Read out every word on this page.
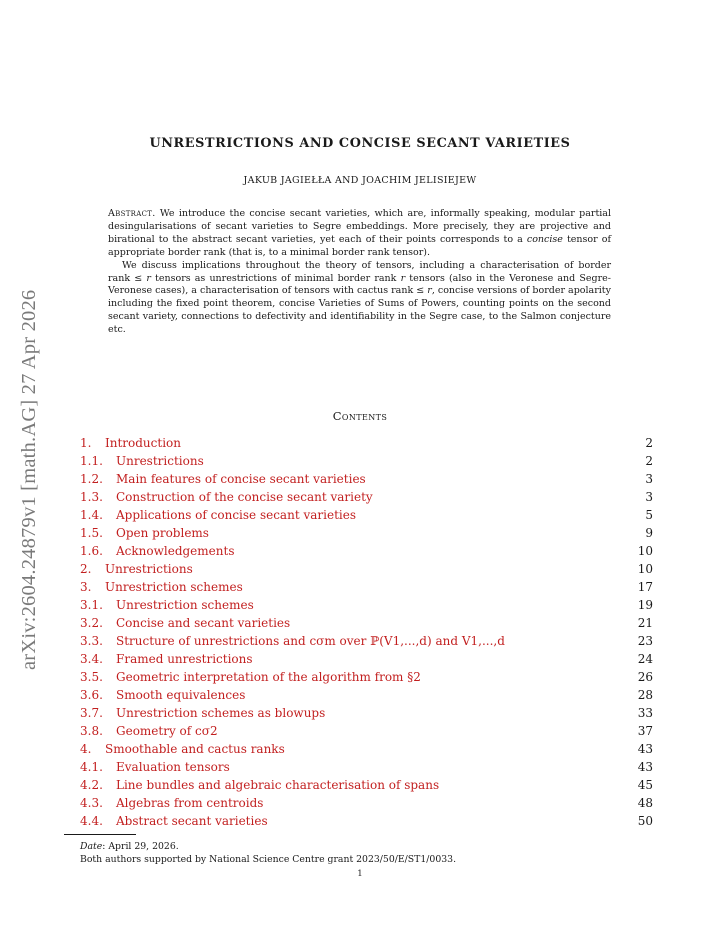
arXiv:2604.24879v1 [math.AG] 27 Apr 2026
UNRESTRICTIONS AND CONCISE SECANT VARIETIES
JAKUB JAGIEŁŁA AND JOACHIM JELISIEJEW

Abstract. We introduce the concise secant varieties, which are, informally speaking, modular partial desingularisations of secant varieties to Segre embeddings. More precisely, they are projective and birational to the abstract secant varieties, yet each of their points corresponds to a concise tensor of appropriate border rank (that is, to a minimal border rank tensor).

We discuss implications throughout the theory of tensors, including a characterisation of border rank ≤ r tensors as unrestrictions of minimal border rank r tensors (also in the Veronese and Segre-Veronese cases), a characterisation of tensors with cactus rank ≤ r, concise versions of border apolarity including the fixed point theorem, concise Varieties of Sums of Powers, counting points on the second secant variety, connections to defectivity and identifiability in the Segre case, to the Salmon conjecture etc.

Contents
1. Introduction	2
1.1. Unrestrictions	2
1.2. Main features of concise secant varieties	3
1.3. Construction of the concise secant variety	3
1.4. Applications of concise secant varieties	5
1.5. Open problems	9
1.6. Acknowledgements	10
2. Unrestrictions	10
3. Unrestriction schemes	17
3.1. Unrestriction schemes	19
3.2. Concise and secant varieties	21
3.3. Structure of unrestrictions and cσm over ℙ(V1,...,d) and V1,...,d	23
3.4. Framed unrestrictions	24
3.5. Geometric interpretation of the algorithm from §2	26
3.6. Smooth equivalences	28
3.7. Unrestriction schemes as blowups	33
3.8. Geometry of cσ2	37
4. Smoothable and cactus ranks	43
4.1. Evaluation tensors	43
4.2. Line bundles and algebraic characterisation of spans	45
4.3. Algebras from centroids	48
4.4. Abstract secant varieties	50
Date: April 29, 2026.
Both authors supported by National Science Centre grant 2023/50/E/ST1/0033.
1
